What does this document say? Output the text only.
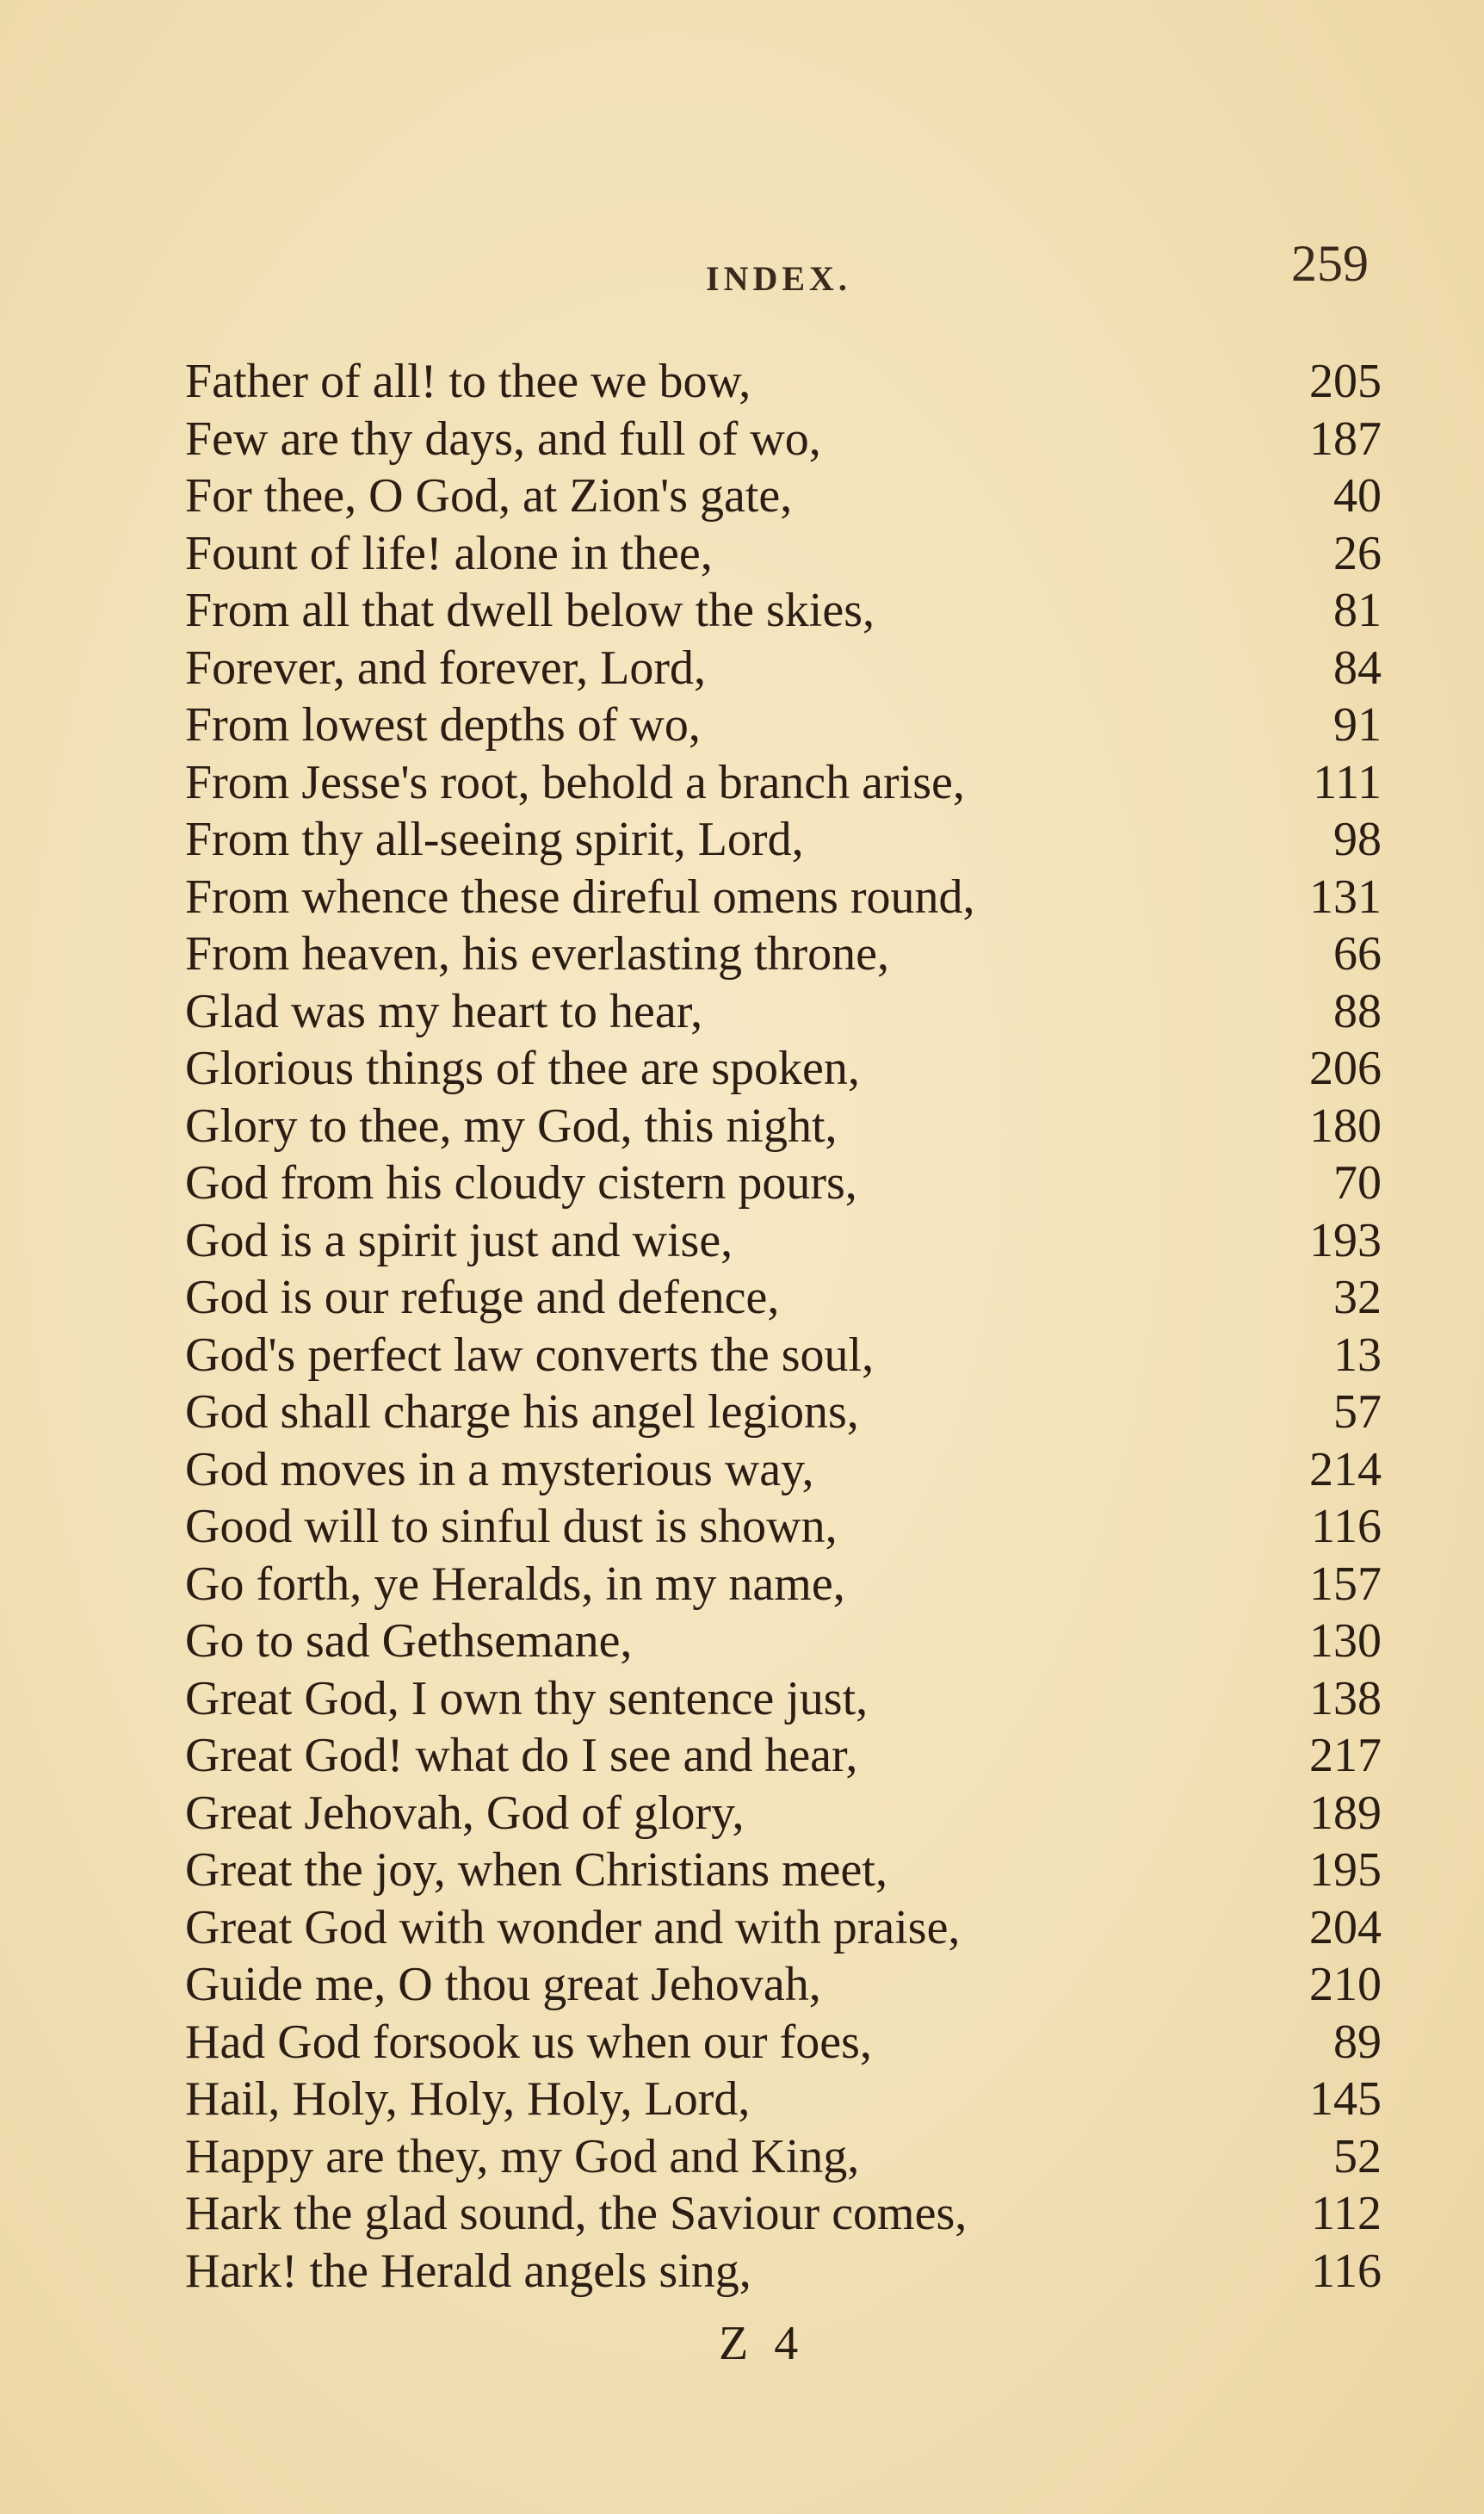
INDEX.	259
Father of all! to thee we bow,	205
Few are thy days, and full of wo,	187
For thee, O God, at Zion's gate,	40
Fount of life! alone in thee,	26
From all that dwell below the skies,	81
Forever, and forever, Lord,	84
From lowest depths of wo,	91
From Jesse's root, behold a branch arise,	111
From thy all-seeing spirit, Lord,	98
From whence these direful omens round,	131
From heaven, his everlasting throne,	66
Glad was my heart to hear,	88
Glorious things of thee are spoken,	206
Glory to thee, my God, this night,	180
God from his cloudy cistern pours,	70
God is a spirit just and wise,	193
God is our refuge and defence,	32
God's perfect law converts the soul,	13
God shall charge his angel legions,	57
God moves in a mysterious way,	214
Good will to sinful dust is shown,	116
Go forth, ye Heralds, in my name,	157
Go to sad Gethsemane,	130
Great God, I own thy sentence just,	138
Great God! what do I see and hear,	217
Great Jehovah, God of glory,	189
Great the joy, when Christians meet,	195
Great God with wonder and with praise,	204
Guide me, O thou great Jehovah,	210
Had God forsook us when our foes,	89
Hail, Holy, Holy, Holy, Lord,	145
Happy are they, my God and King,	52
Hark the glad sound, the Saviour comes,	112
Hark! the Herald angels sing,	116
Z 4
